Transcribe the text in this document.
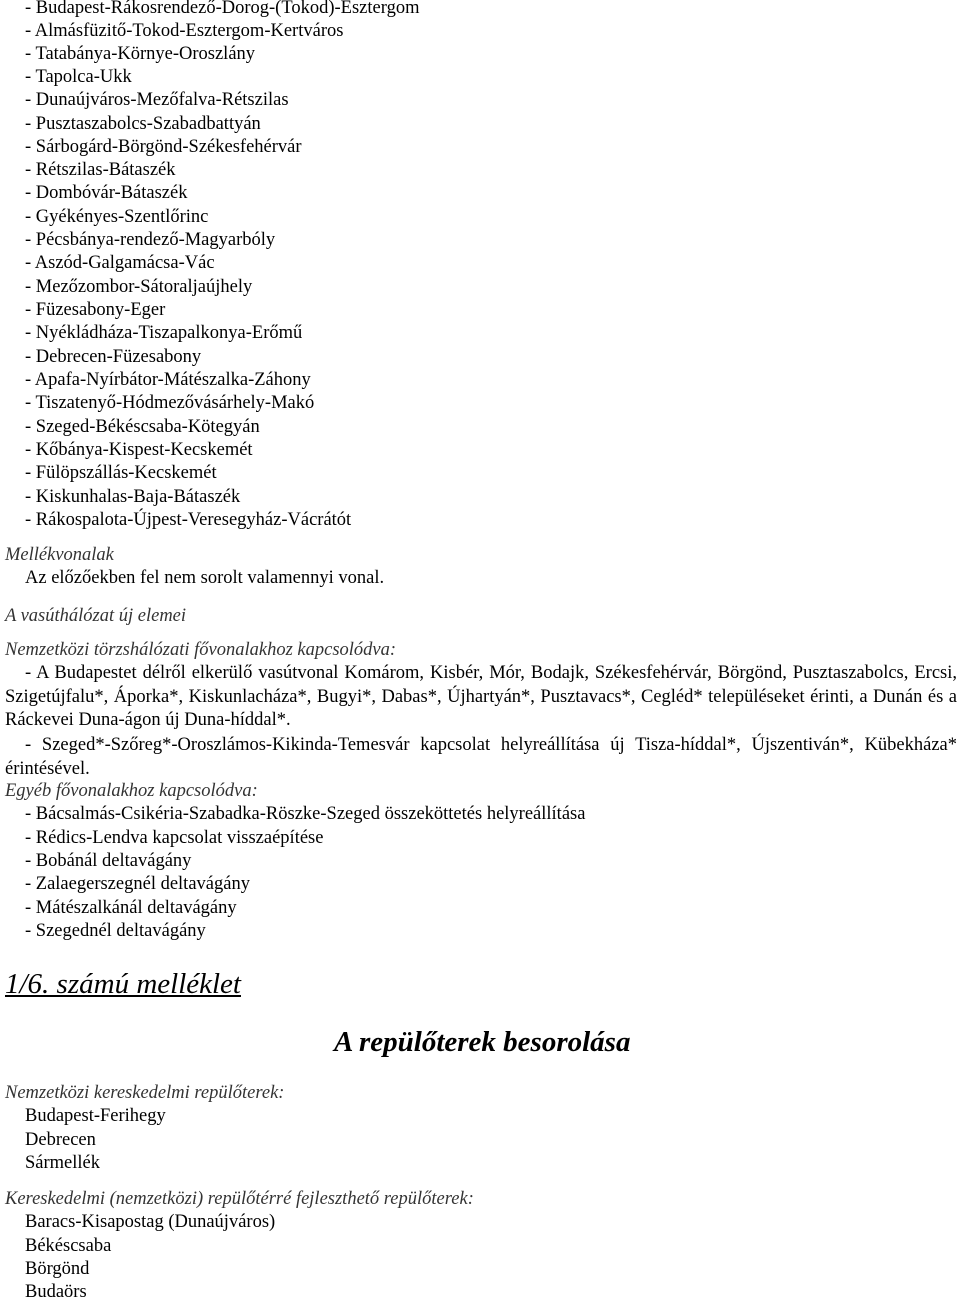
- Budapest-Rákosrendező-Dorog-(Tokod)-Esztergom
- Almásfüzitő-Tokod-Esztergom-Kertváros
- Tatabánya-Környe-Oroszlány
- Tapolca-Ukk
- Dunaújváros-Mezőfalva-Rétszilas
- Pusztaszabolcs-Szabadbattyán
- Sárbogárd-Börgönd-Székesfehérvár
- Rétszilas-Bátaszék
- Dombóvár-Bátaszék
- Gyékényes-Szentlőrinc
- Pécsbánya-rendező-Magyarbóly
- Aszód-Galgamácsa-Vác
- Mezőzombor-Sátoraljaújhely
- Füzesabony-Eger
- Nyékládháza-Tiszapalkonya-Erőmű
- Debrecen-Füzesabony
- Apafa-Nyírbátor-Mátészalka-Záhony
- Tiszatenyő-Hódmezővásárhely-Makó
- Szeged-Békéscsaba-Kötegyán
- Kőbánya-Kispest-Kecskemét
- Fülöpszállás-Kecskemét
- Kiskunhalas-Baja-Bátaszék
- Rákospalota-Újpest-Veresegyház-Vácrátót
Mellékvonalak
Az előzőekben fel nem sorolt valamennyi vonal.
A vasúthálózat új elemei
Nemzetközi törzshálózati fővonalakhoz kapcsolódva:

- A Budapestet délről elkerülő vasútvonal Komárom, Kisbér, Mór, Bodajk, Székesfehérvár, Börgönd, Pusztaszabolcs, Ercsi, Szigetújfalu*, Áporka*, Kiskunlacháza*, Bugyi*, Dabas*, Újhartyán*, Pusztavacs*, Cegléd* településeket érinti, a Dunán és a Ráckevei Duna-ágon új Duna-híddal*.

- Szeged*-Szőreg*-Oroszlámos-Kikinda-Temesvár kapcsolat helyreállítása új Tisza-híddal*, Újszentiván*, Kübekháza* érintésével.

Egyéb fővonalakhoz kapcsolódva:
- Bácsalmás-Csikéria-Szabadka-Röszke-Szeged összeköttetés helyreállítása
- Rédics-Lendva kapcsolat visszaépítése
- Bobánál deltavágány
- Zalaegerszegnél deltavágány
- Mátészalkánál deltavágány
- Szegednél deltavágány
1/6. számú melléklet
A repülőterek besorolása
Nemzetközi kereskedelmi repülőterek:
Budapest-Ferihegy
Debrecen
Sármellék
Kereskedelmi (nemzetközi) repülőtérré fejleszthető repülőterek:
Baracs-Kisapostag (Dunaújváros)
Békéscsaba
Börgönd
Budaörs
